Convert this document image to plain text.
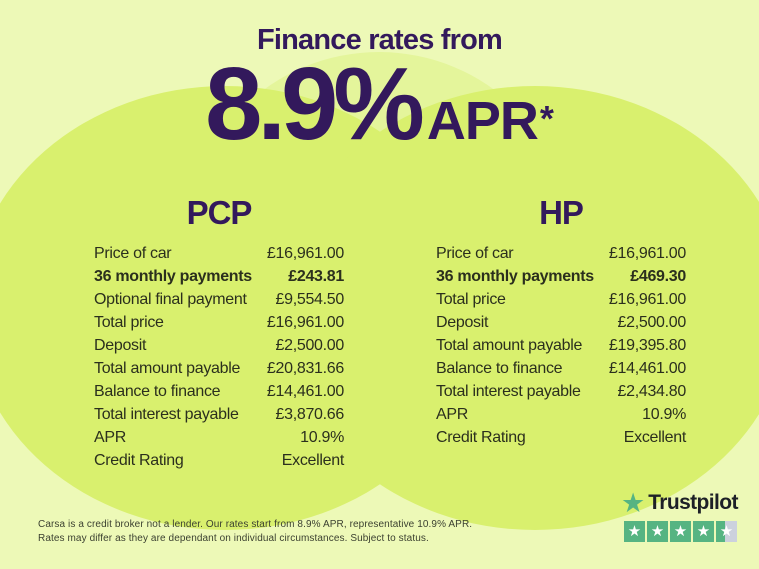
Finance rates from
8.9% APR *
PCP
Price of car	£16,961.00
36 monthly payments £243.81
Optional final payment £9,554.50
Total price	£16,961.00
Deposit	£2,500.00
Total amount payable £20,831.66
Balance to finance	£14,461.00
Total interest payable £3,870.66
APR	10.9%
Credit Rating	Excellent
HP
Price of car	£16,961.00
36 monthly payments £469.30
Total price	£16,961.00
Deposit	£2,500.00
Total amount payable £19,395.80
Balance to finance	£14,461.00
Total interest payable £2,434.80
APR	10.9%
Credit Rating	Excellent
Carsa is a credit broker not a lender. Our rates start from 8.9% APR, representative 10.9% APR.
Rates may differ as they are dependant on individual circumstances. Subject to status.
★ Trustpilot
★ ★ ★ ★ ★
